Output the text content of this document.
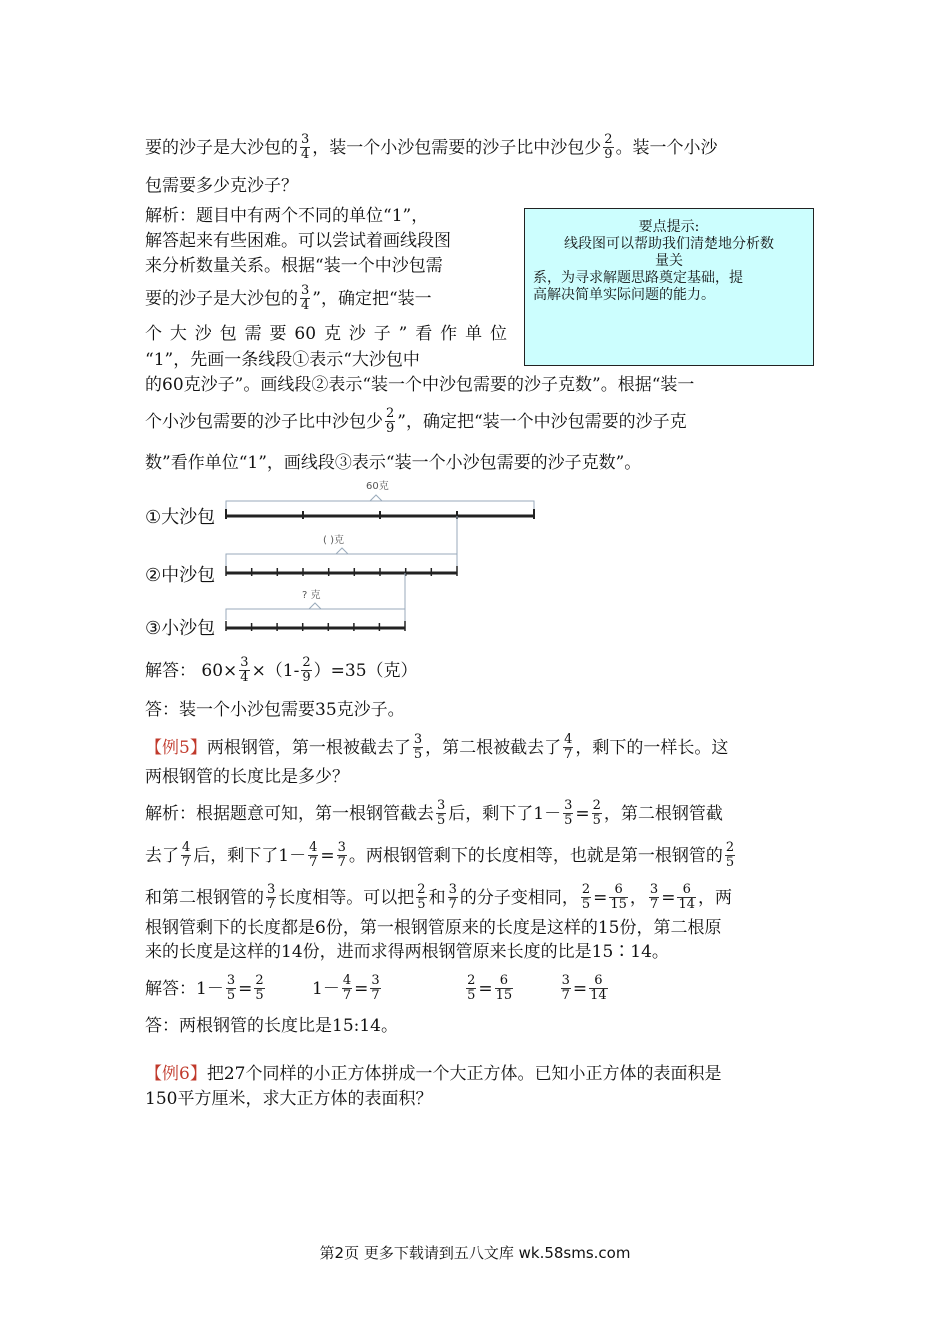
要的沙子是大沙包的 $\frac{3}{4}$ ，装一个小沙包需要的沙子比中沙包少 $\frac{2}{9}$ 。装一个小沙
包需要多少克沙子？
要点提示:
线段图可以帮助我们清楚地分析数
量关
系，为寻求解题思路奠定基础，提
高解决简单实际问题的能力。
解析：题目中有两个不同的单位“1”，
解答起来有些困难。可以尝试着画线段图
来分析数量关系。根据“装一个中沙包需
要的沙子是大沙包的 $\frac{3}{4}$ ”，确定把“装一
个大沙包需要60克沙子”看作单位
“1”，先画一条线段①表示“大沙包中
的60克沙子”。画线段②表示“装一个中沙包需要的沙子克数”。根据“装一
个小沙包需要的沙子比中沙包少 $\frac{2}{9}$ ”，确定把“装一个中沙包需要的沙子克
数”看作单位“1”，画线段③表示“装一个小沙包需要的沙子克数”。
①大沙包
②中沙包
③小沙包
60克
( )克
? 克
解答： $60\times \frac{3}{4} \times(1- \frac{2}{9} )=35$（克）
答：装一个小沙包需要35克沙子。
【例5】两根钢管，第一根被截去了 $\frac{3}{5}$ ，第二根被截去了 $\frac{4}{7}$ ，剩下的一样长。这
两根钢管的长度比是多少？
解析：根据题意可知，第一根钢管截去 $\frac{3}{5}$ 后，剩下了$1- \frac{3}{5} = \frac{2}{5}$ ，第二根钢管截
去了 $\frac{4}{7}$ 后，剩下了$1- \frac{4}{7} = \frac{3}{7}$ 。两根钢管剩下的长度相等，也就是第一根钢管的 $\frac{2}{5}$
和第二根钢管的 $\frac{3}{7}$ 长度相等。可以把 $\frac{2}{5}$ 和 $\frac{3}{7}$ 的分子变相同， $\frac{2}{5} = \frac{6}{15}$ ， $\frac{3}{7} = \frac{6}{14}$ ，两
根钢管剩下的长度都是6份，第一根钢管原来的长度是这样的15份，第二根原
来的长度是这样的14份，进而求得两根钢管原来长度的比是15∶14。
解答：$1- \frac{3}{5} = \frac{2}{5}$	$1- \frac{4}{7} = \frac{3}{7}$
	$\frac{2}{5} = \frac{6}{15}$
	$\frac{3}{7} = \frac{6}{14}$
答：两根钢管的长度比是15:14。
【例6】把27个同样的小正方体拼成一个大正方体。已知小正方体的表面积是
150平方厘米，求大正方体的表面积？
第2页 更多下载请到五八文库 wk.58sms.com
